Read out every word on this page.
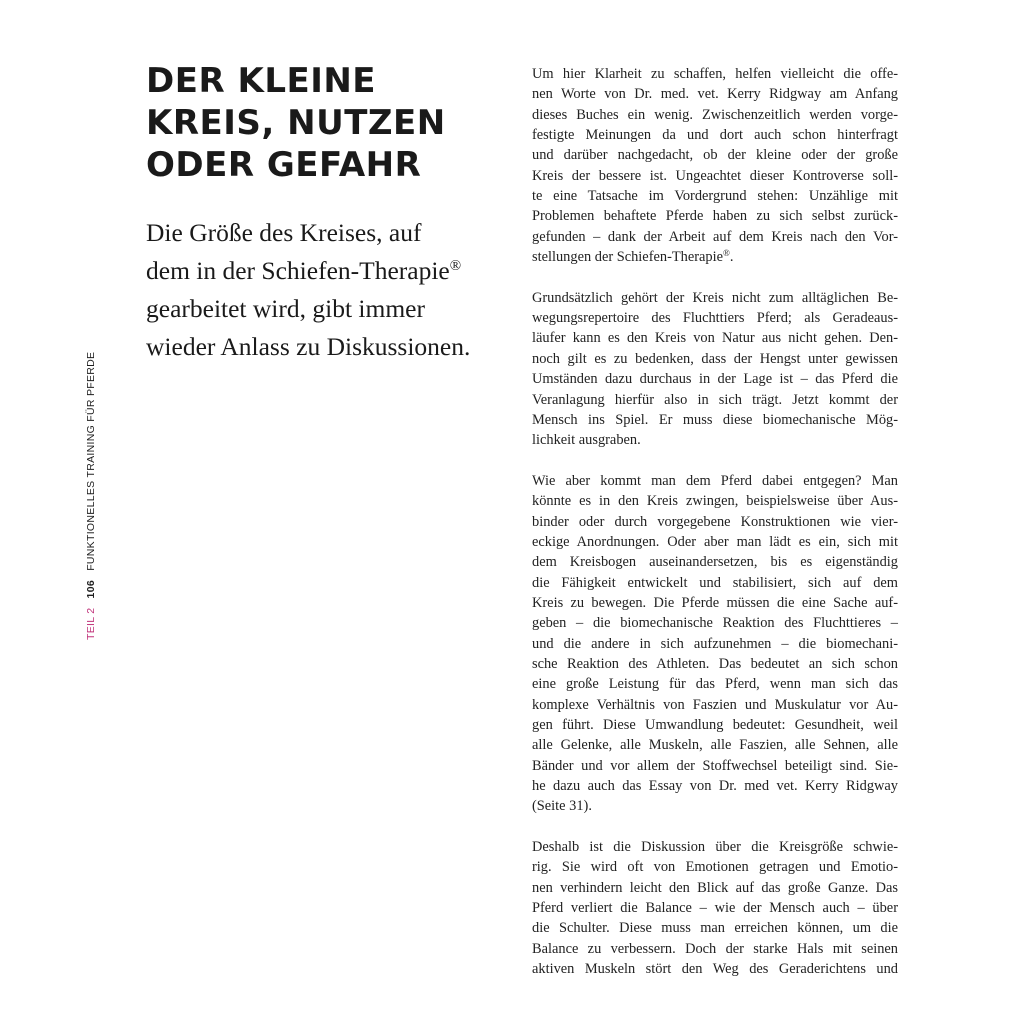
TEIL 2 106 FUNKTIONELLES TRAINING FÜR PFERDE
DER KLEINE
KREIS, NUTZEN
ODER GEFAHR

Die Größe des Kreises, auf
dem in der Schiefen-Therapie®
gearbeitet wird, gibt immer
wieder Anlass zu Diskussionen.

Um hier Klarheit zu schaffen, helfen vielleicht die offe-
nen Worte von Dr. med. vet. Kerry Ridgway am Anfang
dieses Buches ein wenig. Zwischenzeitlich werden vorge-
festigte Meinungen da und dort auch schon hinterfragt
und darüber nachgedacht, ob der kleine oder der große
Kreis der bessere ist. Ungeachtet dieser Kontroverse soll-
te eine Tatsache im Vordergrund stehen: Unzählige mit
Problemen behaftete Pferde haben zu sich selbst zurück-
gefunden – dank der Arbeit auf dem Kreis nach den Vor-
stellungen der Schiefen-Therapie®.

Grundsätzlich gehört der Kreis nicht zum alltäglichen Be-
wegungsrepertoire des Fluchttiers Pferd; als Geradeaus-
läufer kann es den Kreis von Natur aus nicht gehen. Den-
noch gilt es zu bedenken, dass der Hengst unter gewissen
Umständen dazu durchaus in der Lage ist – das Pferd die
Veranlagung hierfür also in sich trägt. Jetzt kommt der
Mensch ins Spiel. Er muss diese biomechanische Mög-
lichkeit ausgraben.

Wie aber kommt man dem Pferd dabei entgegen? Man
könnte es in den Kreis zwingen, beispielsweise über Aus-
binder oder durch vorgegebene Konstruktionen wie vier-
eckige Anordnungen. Oder aber man lädt es ein, sich mit
dem Kreisbogen auseinandersetzen, bis es eigenständig
die Fähigkeit entwickelt und stabilisiert, sich auf dem
Kreis zu bewegen. Die Pferde müssen die eine Sache auf-
geben – die biomechanische Reaktion des Fluchttieres –
und die andere in sich aufzunehmen – die biomechani-
sche Reaktion des Athleten. Das bedeutet an sich schon
eine große Leistung für das Pferd, wenn man sich das
komplexe Verhältnis von Faszien und Muskulatur vor Au-
gen führt. Diese Umwandlung bedeutet: Gesundheit, weil
alle Gelenke, alle Muskeln, alle Faszien, alle Sehnen, alle
Bänder und vor allem der Stoffwechsel beteiligt sind. Sie-
he dazu auch das Essay von Dr. med vet. Kerry Ridgway
(Seite 31).

Deshalb ist die Diskussion über die Kreisgröße schwie-
rig. Sie wird oft von Emotionen getragen und Emotio-
nen verhindern leicht den Blick auf das große Ganze. Das
Pferd verliert die Balance – wie der Mensch auch – über
die Schulter. Diese muss man erreichen können, um die
Balance zu verbessern. Doch der starke Hals mit seinen
aktiven Muskeln stört den Weg des Geraderichtens und
